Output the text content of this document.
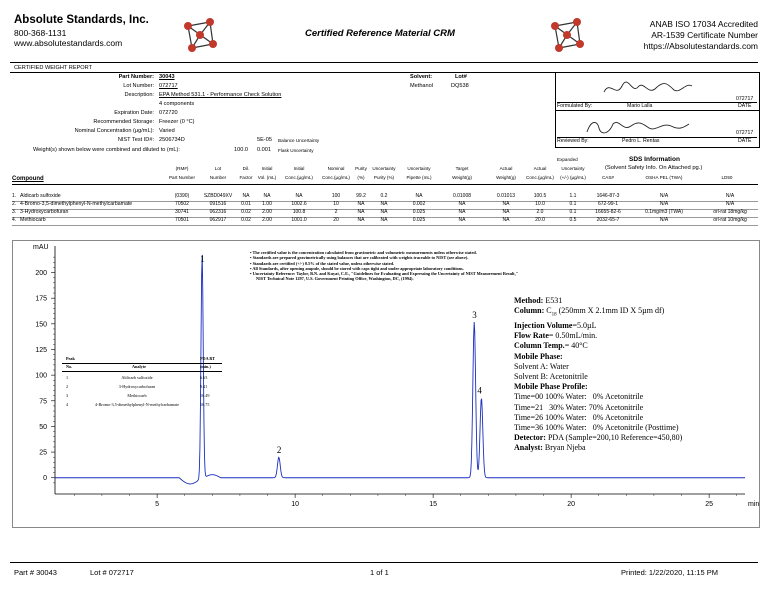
Absolute Standards, Inc.
800-368-1131
www.absolutestandards.com
Certified Reference Material CRM
ANAB ISO 17034 Accredited
AR-1539 Certificate Number
https://Absolutestandards.com
CERTIFIED WEIGHT REPORT
Part Number: 30043
Lot Number: 072717
Description: EPA Method 531.1 - Performance Check Solution
4 components
Expiration Date: 072720
Recommended Storage: Freezer (0 °C)
Nominal Concentration (µg/mL): Varied
NIST Test ID#: 2506734D	5E-05 Balance Uncertainty
Weight(s) shown below were combined and diluted to (mL):	100.0 0.001 Flask Uncertainty
Solvent:
Methanol
Lot#
DQ538
Formulated By:	Mario Lalla
072717
DATE
Reviewed By:	Pedro L. Rentas
072717
DATE
SDS Information
(Solvent Safety Info. On Attached pg.)
Expanded
(RM#)	Lot	Dil.	Initial	Initial	Nominal	Purity	Uncertainty	Uncertainty	Target	Actual	Actual	Uncertainty
Compound	Part Number	Number	Factor	Vol. (mL)	Conc.(µg/mL)	Conc.(µg/mL)	(%)	Purity (%)	Pipette (mL)	Weight(g)	Weight(g)	Conc.(µg/mL)	(+/-) (µg/mL)	CAS#	OSHA PEL (TWA)	LD50
1. Aldicarb sulfoxide	(0390)	SZBD049XV	NA	NA	NA	100	99.2	0.2	NA	0.01008	0.01013	100.5	1.1	1646-87-3	N/A	N/A
2. 4-Bromo-3,5-dimethylphenyl-N-methylcarbamate	70502	091516	0.01	1.00	1002.6	10	NA	NA	0.002	NA	NA	10.0	0.1	672-99-1	N/A	N/A
3. 3-Hydroxycarbofuran	30741	062316	0.02	2.00	100.8	2	NA	NA	0.025	NA	NA	2.0	0.1	16655-82-6	0.1mg/m3 (TWA)	orl-rat 18mg/kg
4. Methiocarb	70501	062917	0.02	2.00	1001.0	20	NA	NA	0.025	NA	NA	20.0	0.5	2032-65-7	N/A	orl-rat 10mg/kg
0
25
50
75
100
125
150
175
200
5	10	15	20	25
mAU
min
1
2
3
4
• The certified value is the concentration calculated from gravimetric and volumetric measurements unless otherwise stated.
• Standards are prepared gravimetrically using balances that are calibrated with weights traceable to NIST (see above).
• Standards are certified (+/-) 0.5% of the stated value, unless otherwise stated.
• All Standards, after opening ampule, should be stored with caps tight and under appropriate laboratory conditions.
• Uncertainty Reference: Taylor, B.N. and Kuyat, C.E., "Guidelines for Evaluating and Expressing the Uncertainty of NIST Measurement Result,"
NIST Technical Note 1297, U.S. Government Printing Office, Washington, DC, (1994).
Peak
No.	Analyte
PDA RT
(min.)
1	Aldicarb sulfoxide	6.63
2	3-Hydroxycarbofuran	9.41
3	Methiocarb	16.49
4	4-Bromo-3,5-dimethylphenyl-N-methylcarbamate	16.75
Method: E531
Column: $C_{18}$ (250mm X 2.1mm ID X 5µm df)
Injection Volume=5.0µL
Flow Rate= 0.50mL/min.
Column Temp.= 40°C
Mobile Phase:
Solvent A: Water
Solvent B: Acetonitrile
Mobile Phase Profile:
Time=00 100% Water:   0% Acetonitrile
Time=21   30% Water: 70% Acetonitrile
Time=26 100% Water:   0% Acetonitrile
Time=36 100% Water:   0% Acetonitrile (Posttime)
Detector: PDA (Sample=200,10 Reference=450,80)
Analyst: Bryan Njeba
Part # 30043	Lot # 072717	1 of 1	Printed: 1/22/2020, 11:15 PM
